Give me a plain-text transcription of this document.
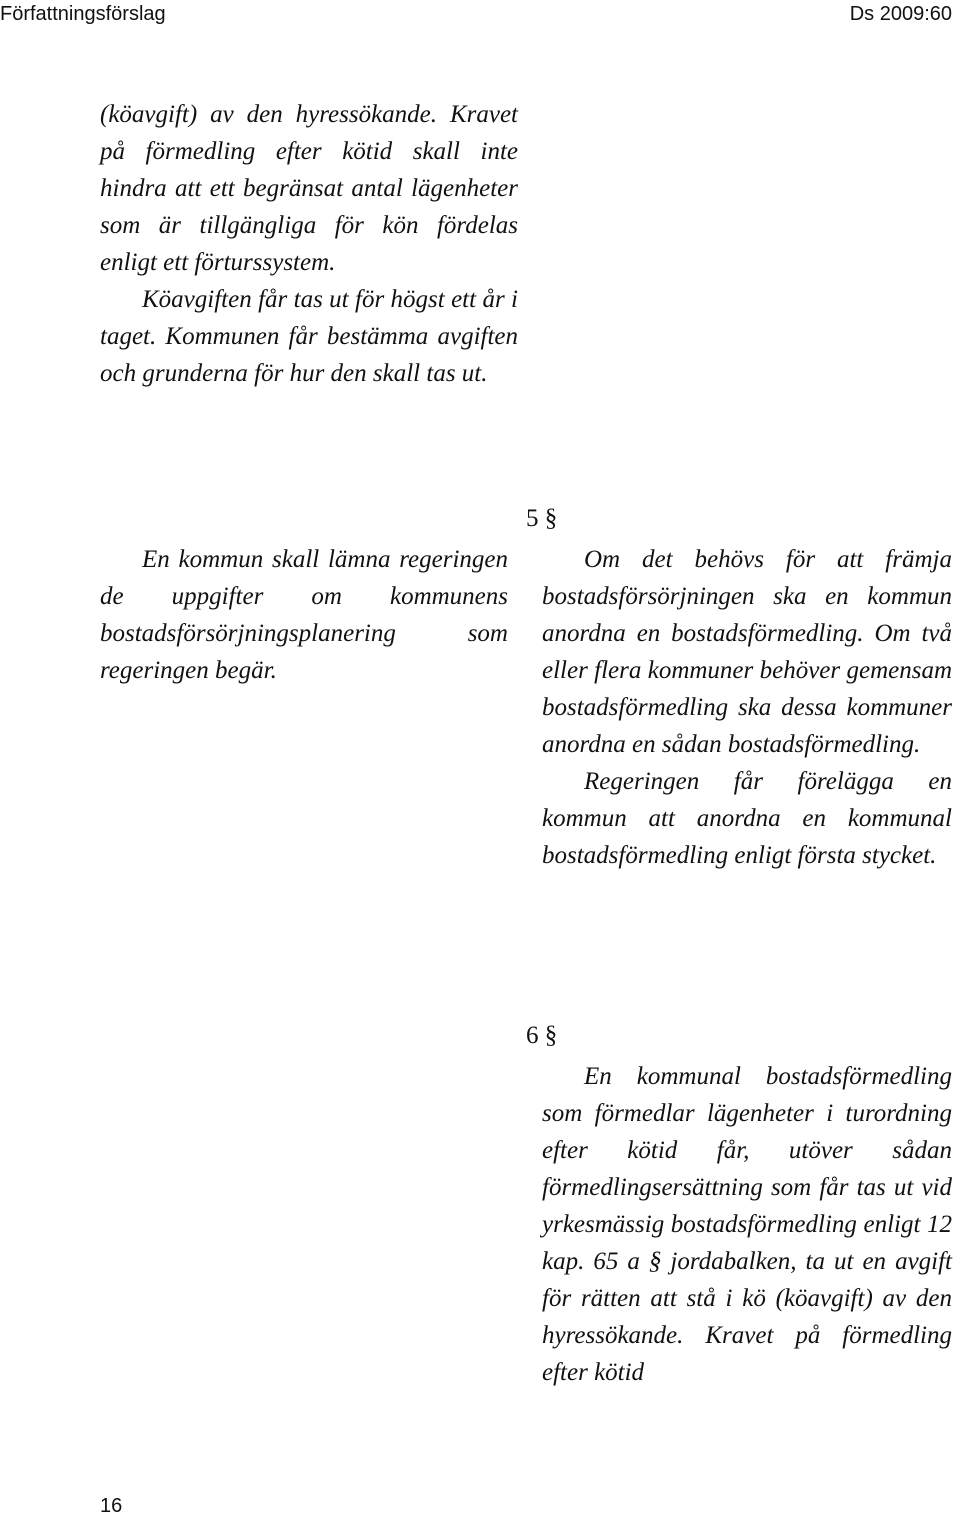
Författningsförslag	Ds 2009:60

(köavgift) av den hyressökande. Kravet på förmedling efter kötid skall inte hindra att ett begränsat antal lägenheter som är tillgängliga för kön fördelas enligt ett förturssystem.

Köavgiften får tas ut för högst ett år i taget. Kommunen får bestämma avgiften och grunderna för hur den skall tas ut.

En kommun skall lämna regeringen de uppgifter om kommunens bostadsförsörjningsplanering som regeringen begär.

5 §

Om det behövs för att främja bostadsförsörjningen ska en kommun anordna en bostadsförmedling. Om två eller flera kommuner behöver gemensam bostadsförmedling ska dessa kommuner anordna en sådan bostadsförmedling.

Regeringen får förelägga en kommun att anordna en kommunal bostadsförmedling enligt första stycket.

6 §

En kommunal bostadsförmedling som förmedlar lägenheter i turordning efter kötid får, utöver sådan förmedlingsersättning som får tas ut vid yrkesmässig bostadsförmedling enligt 12 kap. 65 a § jordabalken, ta ut en avgift för rätten att stå i kö (köavgift) av den hyressökande. Kravet på förmedling efter kötid

16
